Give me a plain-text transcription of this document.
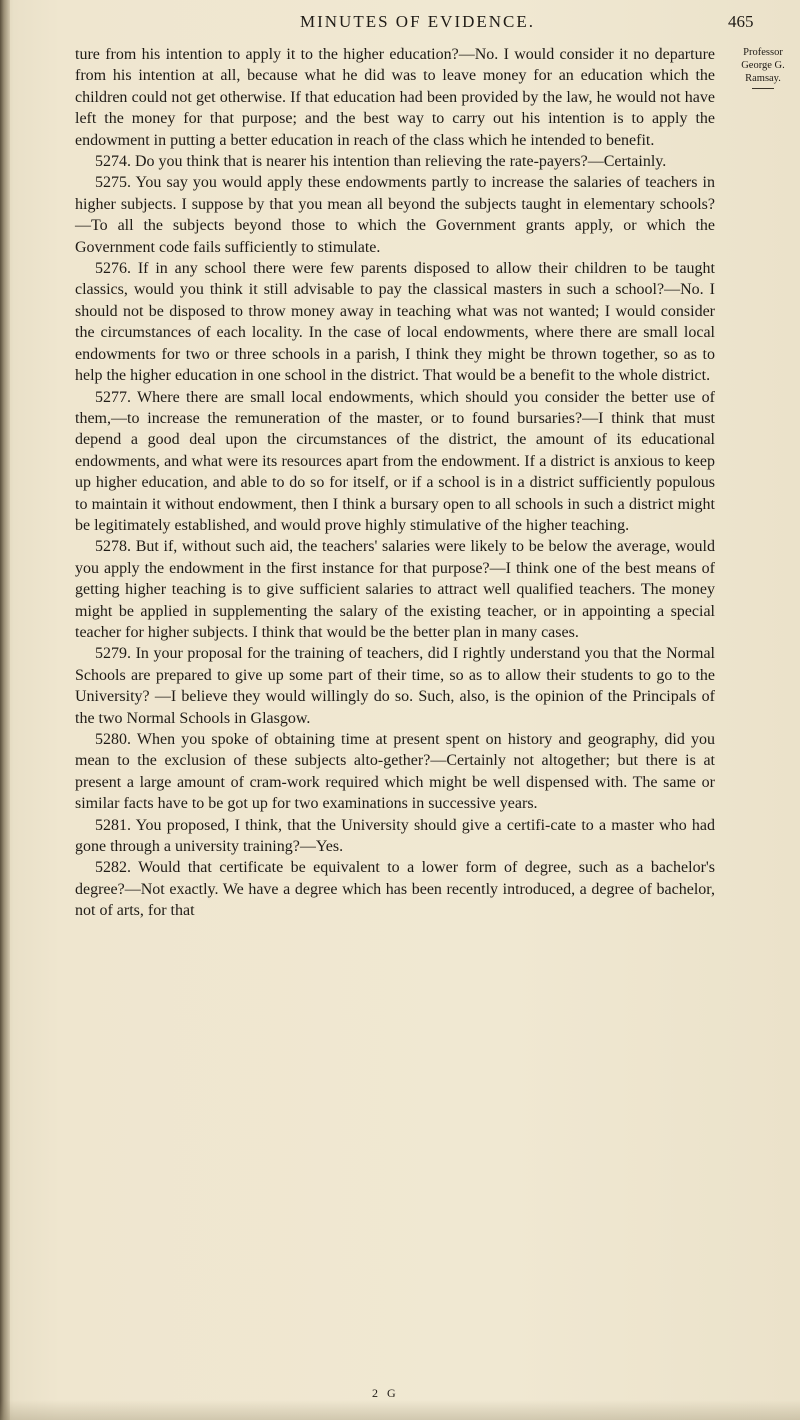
MINUTES OF EVIDENCE.	465
Professor
George G.
Ramsay.

ture from his intention to apply it to the higher education?—No. I would consider it no departure from his intention at all, because what he did was to leave money for an education which the children could not get otherwise. If that education had been provided by the law, he would not have left the money for that purpose; and the best way to carry out his intention is to apply the endowment in putting a better education in reach of the class which he intended to benefit.

5274. Do you think that is nearer his intention than relieving the rate-payers?—Certainly.

5275. You say you would apply these endowments partly to increase the salaries of teachers in higher subjects. I suppose by that you mean all beyond the subjects taught in elementary schools?—To all the subjects beyond those to which the Government grants apply, or which the Government code fails sufficiently to stimulate.

5276. If in any school there were few parents disposed to allow their children to be taught classics, would you think it still advisable to pay the classical masters in such a school?—No. I should not be disposed to throw money away in teaching what was not wanted; I would consider the circumstances of each locality. In the case of local endowments, where there are small local endowments for two or three schools in a parish, I think they might be thrown together, so as to help the higher education in one school in the district. That would be a benefit to the whole district.

5277. Where there are small local endowments, which should you consider the better use of them,—to increase the remuneration of the master, or to found bursaries?—I think that must depend a good deal upon the circumstances of the district, the amount of its educational endowments, and what were its resources apart from the endowment. If a district is anxious to keep up higher education, and able to do so for itself, or if a school is in a district sufficiently populous to maintain it without endowment, then I think a bursary open to all schools in such a district might be legitimately established, and would prove highly stimulative of the higher teaching.

5278. But if, without such aid, the teachers' salaries were likely to be below the average, would you apply the endowment in the first instance for that purpose?—I think one of the best means of getting higher teaching is to give sufficient salaries to attract well qualified teachers. The money might be applied in supplementing the salary of the existing teacher, or in appointing a special teacher for higher subjects. I think that would be the better plan in many cases.

5279. In your proposal for the training of teachers, did I rightly understand you that the Normal Schools are prepared to give up some part of their time, so as to allow their students to go to the University? —I believe they would willingly do so. Such, also, is the opinion of the Principals of the two Normal Schools in Glasgow.

5280. When you spoke of obtaining time at present spent on history and geography, did you mean to the exclusion of these subjects alto-gether?—Certainly not altogether; but there is at present a large amount of cram-work required which might be well dispensed with. The same or similar facts have to be got up for two examinations in successive years.

5281. You proposed, I think, that the University should give a certifi-cate to a master who had gone through a university training?—Yes.

5282. Would that certificate be equivalent to a lower form of degree, such as a bachelor's degree?—Not exactly. We have a degree which has been recently introduced, a degree of bachelor, not of arts, for that

2 G
